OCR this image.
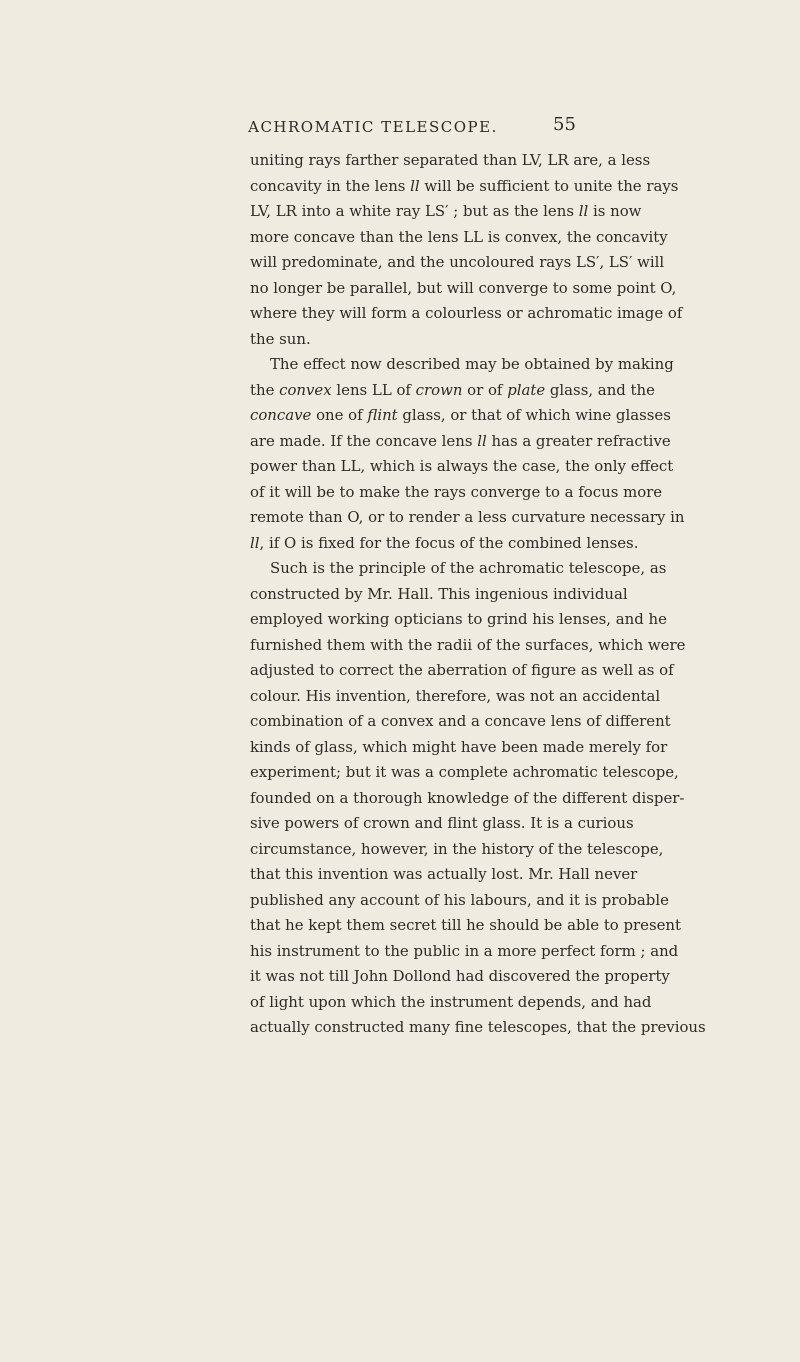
ACHROMATIC TELESCOPE.	55
uniting rays farther separated than LV, LR are, a less
concavity in the lens ll will be sufficient to unite the rays
LV, LR into a white ray LS′ ; but as the lens ll is now
more concave than the lens LL is convex, the concavity
will predominate, and the uncoloured rays LS′, LS′ will
no longer be parallel, but will converge to some point O,
where they will form a colourless or achromatic image of
the sun.
The effect now described may be obtained by making
the convex lens LL of crown or of plate glass, and the
concave one of flint glass, or that of which wine glasses
are made. If the concave lens ll has a greater refractive
power than LL, which is always the case, the only effect
of it will be to make the rays converge to a focus more
remote than O, or to render a less curvature necessary in
ll, if O is fixed for the focus of the combined lenses.
Such is the principle of the achromatic telescope, as
constructed by Mr. Hall. This ingenious individual
employed working opticians to grind his lenses, and he
furnished them with the radii of the surfaces, which were
adjusted to correct the aberration of figure as well as of
colour. His invention, therefore, was not an accidental
combination of a convex and a concave lens of different
kinds of glass, which might have been made merely for
experiment; but it was a complete achromatic telescope,
founded on a thorough knowledge of the different disper-
sive powers of crown and flint glass. It is a curious
circumstance, however, in the history of the telescope,
that this invention was actually lost. Mr. Hall never
published any account of his labours, and it is probable
that he kept them secret till he should be able to present
his instrument to the public in a more perfect form ; and
it was not till John Dollond had discovered the property
of light upon which the instrument depends, and had
actually constructed many fine telescopes, that the previous
